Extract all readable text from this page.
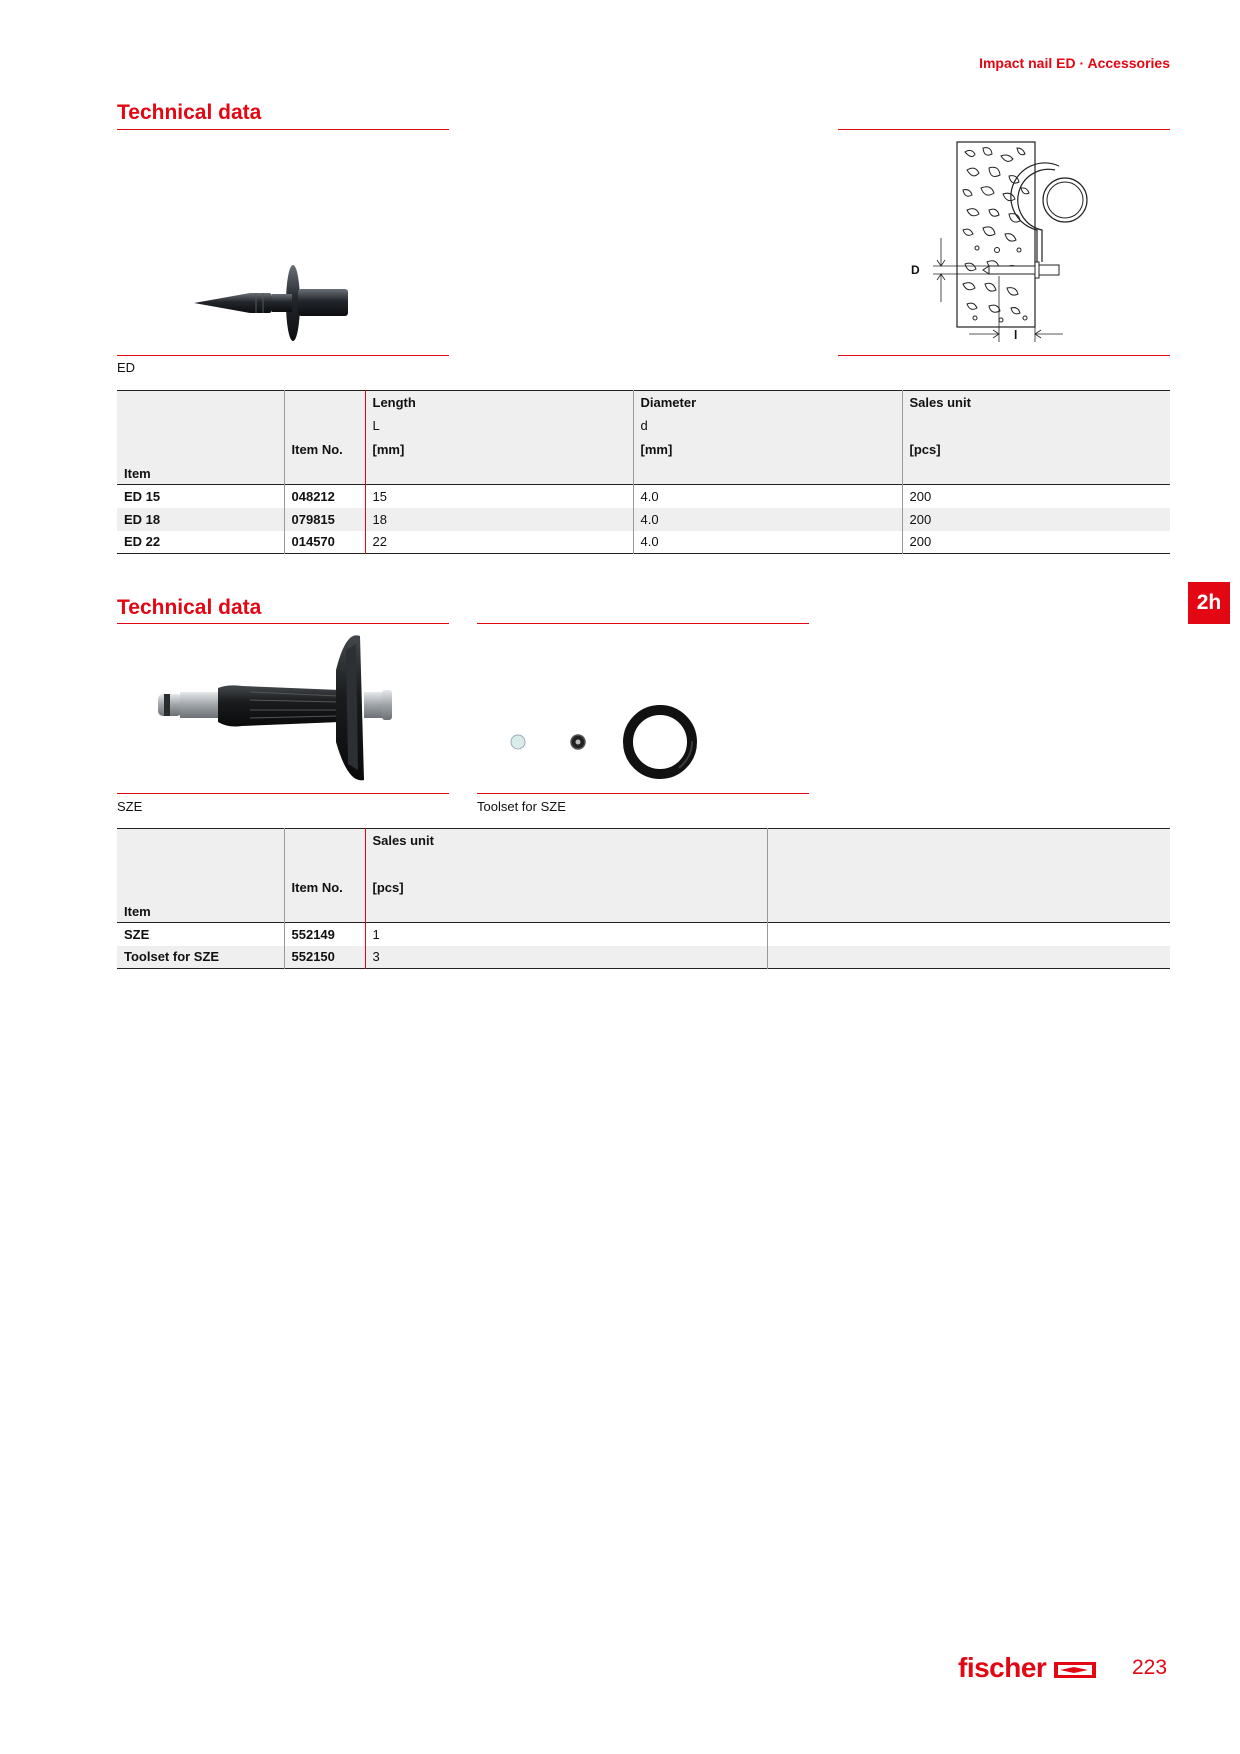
Impact nail ED · Accessories
Technical data
D
l
ED
		Length	Diameter	Sales unit
		L	d	
	Item No.	[mm]	[mm]	[pcs]
Item				
ED 15	048212	15	4.0	200
ED 18	079815	18	4.0	200
ED 22	014570	22	4.0	200
2h
Technical data
SZE	Toolset for SZE
		Sales unit	

	Item No.	[pcs]	
Item			
SZE	552149	1	
Toolset for SZE	552150	3	
fischer	223
